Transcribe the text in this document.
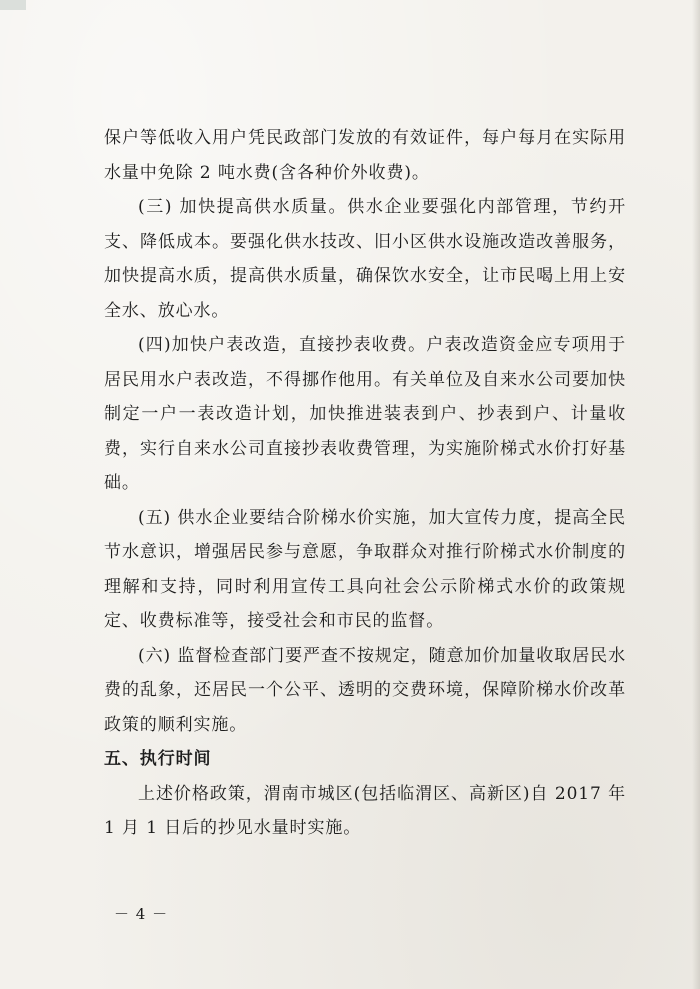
保户等低收入用户凭民政部门发放的有效证件，每户每月在实际用水量中免除 2 吨水费(含各种价外收费)。

(三) 加快提高供水质量。供水企业要强化内部管理，节约开支、降低成本。要强化供水技改、旧小区供水设施改造改善服务，加快提高水质，提高供水质量，确保饮水安全，让市民喝上用上安全水、放心水。

(四)加快户表改造，直接抄表收费。户表改造资金应专项用于居民用水户表改造，不得挪作他用。有关单位及自来水公司要加快制定一户一表改造计划，加快推进装表到户、抄表到户、计量收费，实行自来水公司直接抄表收费管理，为实施阶梯式水价打好基础。

(五) 供水企业要结合阶梯水价实施，加大宣传力度，提高全民节水意识，增强居民参与意愿，争取群众对推行阶梯式水价制度的理解和支持，同时利用宣传工具向社会公示阶梯式水价的政策规定、收费标准等，接受社会和市民的监督。

(六) 监督检查部门要严查不按规定，随意加价加量收取居民水费的乱象，还居民一个公平、透明的交费环境，保障阶梯水价改革政策的顺利实施。

五、执行时间

上述价格政策，渭南市城区(包括临渭区、高新区)自 2017 年 1 月 1 日后的抄见水量时实施。

－ 4 －
